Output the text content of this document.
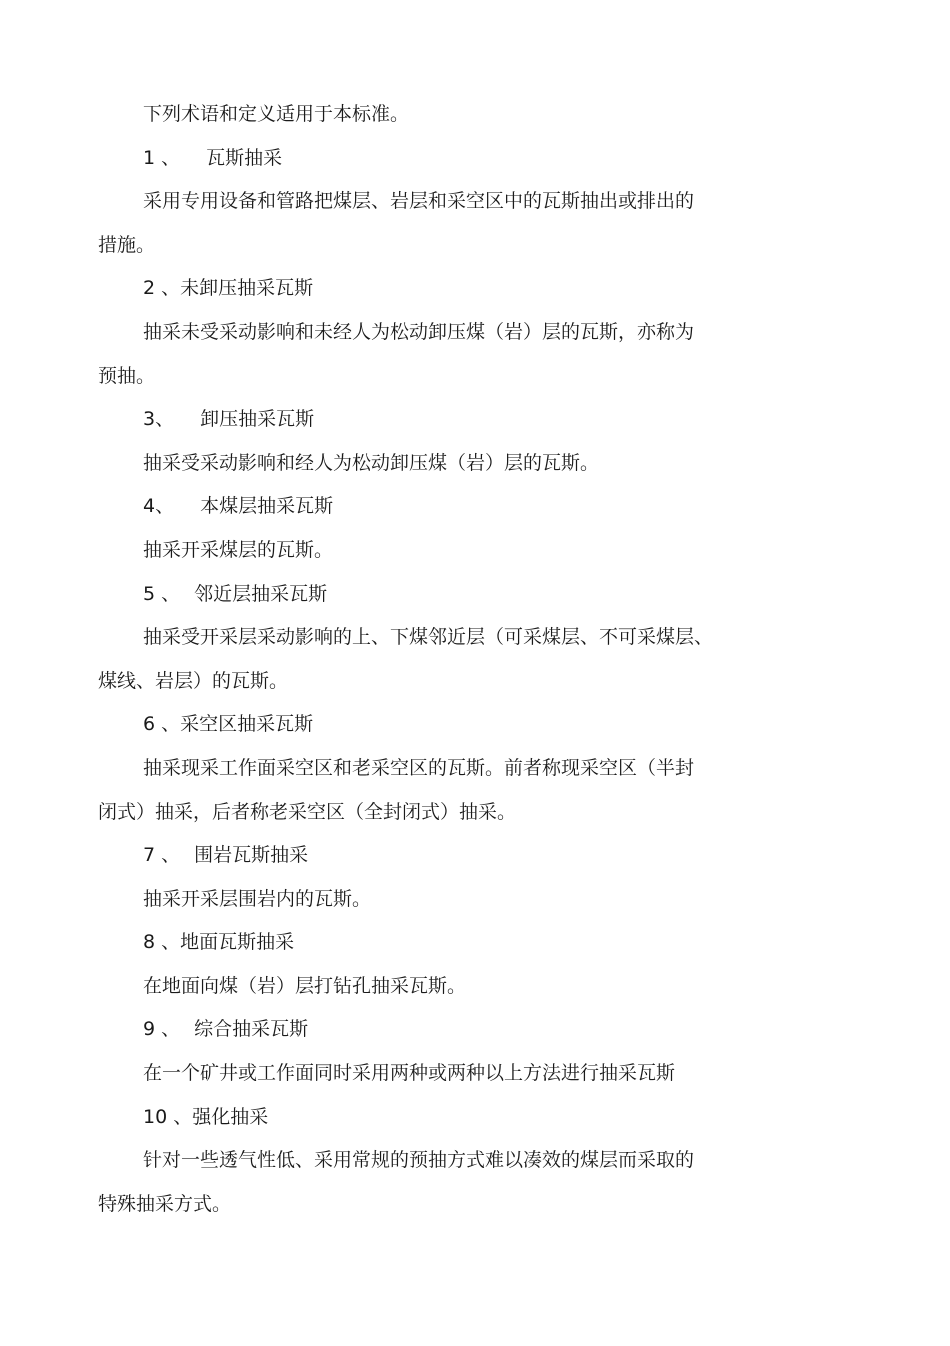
下列术语和定义适用于本标准。
1 、 瓦斯抽采
采用专用设备和管路把煤层、岩层和采空区中的瓦斯抽出或排出的
措施。
2 、未卸压抽采瓦斯
抽采未受采动影响和未经人为松动卸压煤（岩）层的瓦斯，亦称为
预抽。
3、 卸压抽采瓦斯
抽采受采动影响和经人为松动卸压煤（岩）层的瓦斯。
4、 本煤层抽采瓦斯
抽采开采煤层的瓦斯。
5 、 邻近层抽采瓦斯
抽采受开采层采动影响的上、下煤邻近层（可采煤层、不可采煤层、
煤线、岩层）的瓦斯。
6 、采空区抽采瓦斯
抽采现采工作面采空区和老采空区的瓦斯。前者称现采空区（半封
闭式）抽采，后者称老采空区（全封闭式）抽采。
7 、 围岩瓦斯抽采
抽采开采层围岩内的瓦斯。
8 、地面瓦斯抽采
在地面向煤（岩）层打钻孔抽采瓦斯。
9 、 综合抽采瓦斯
在一个矿井或工作面同时采用两种或两种以上方法进行抽采瓦斯
10 、强化抽采
针对一些透气性低、采用常规的预抽方式难以凑效的煤层而采取的
特殊抽采方式。
